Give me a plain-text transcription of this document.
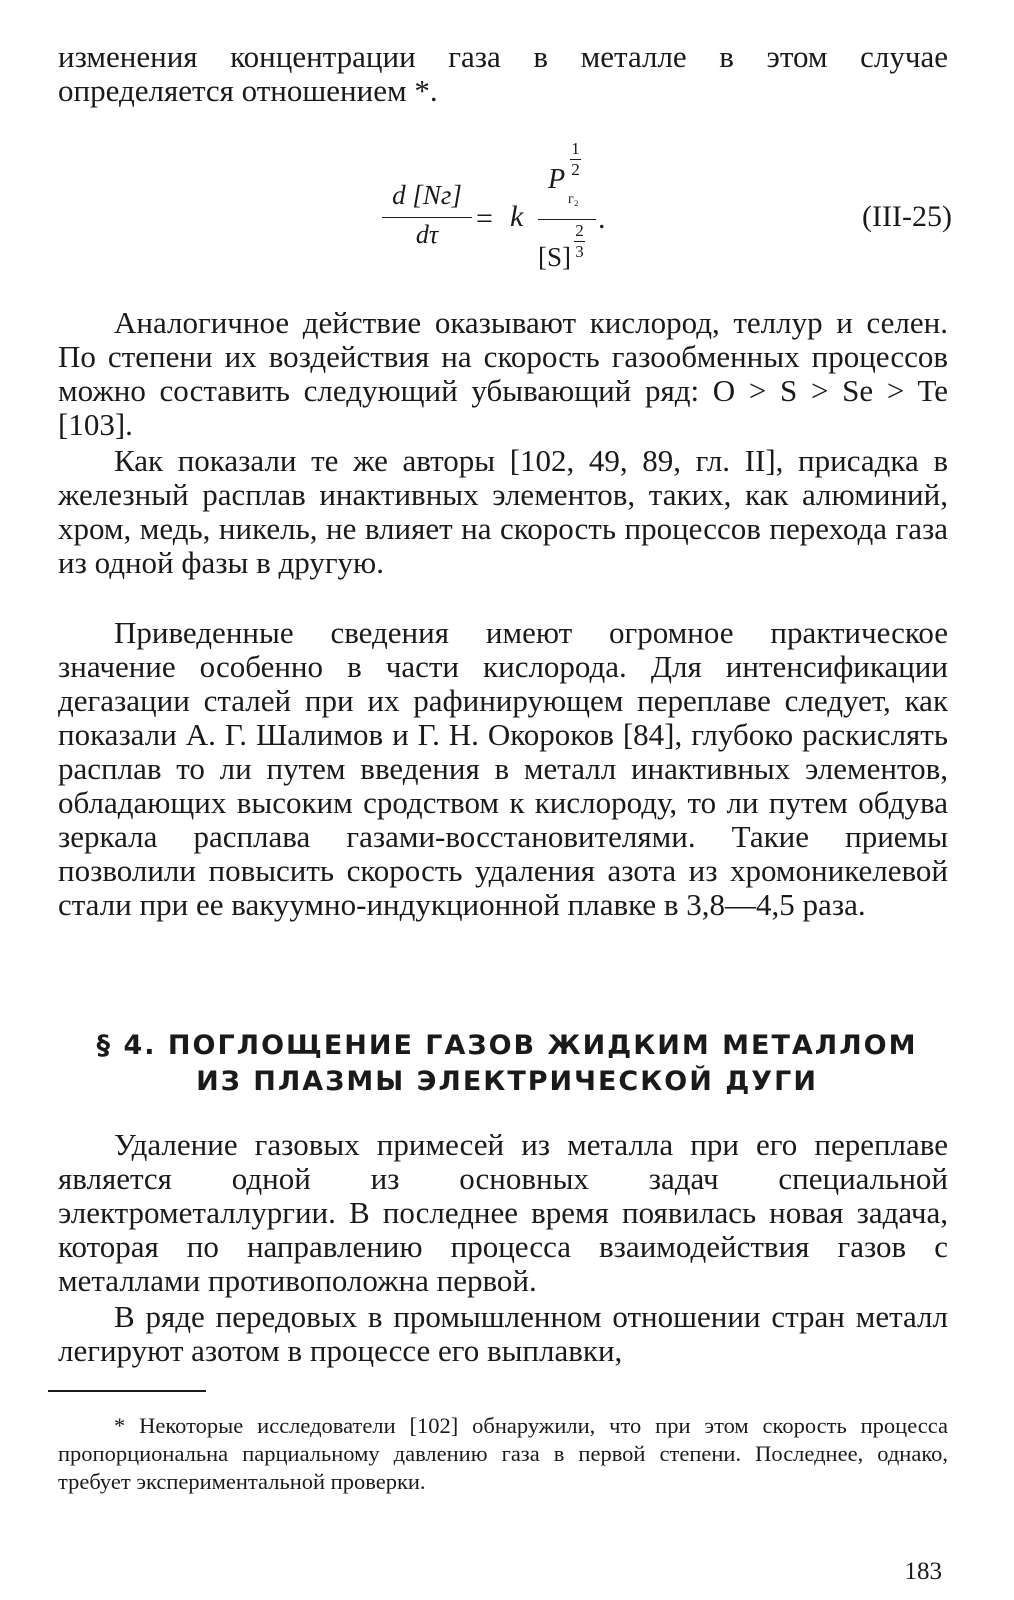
изменения концентрации газа в металле в этом случае определяется отношением *.

d [Nг]
dτ	= k
P
1
2
г₂
.
[S]
2
3
(III-25)

Аналогичное действие оказывают кислород, теллур и селен. По степени их воздействия на скорость газообменных процессов можно составить следующий убывающий ряд: O > S > Se > Te [103].

Как показали те же авторы [102, 49, 89, гл. II], присадка в железный расплав инактивных элементов, таких, как алюминий, хром, медь, никель, не влияет на скорость процессов перехода газа из одной фазы в другую.

Приведенные сведения имеют огромное практическое значение особенно в части кислорода. Для интенсификации дегазации сталей при их рафинирующем переплаве следует, как показали А. Г. Шалимов и Г. Н. Окороков [84], глубоко раскислять расплав то ли путем введения в металл инактивных элементов, обладающих высоким сродством к кислороду, то ли путем обдува зеркала расплава газами-восстановителями. Такие приемы позволили повысить скорость удаления азота из хромоникелевой стали при ее вакуумно-индукционной плавке в 3,8—4,5 раза.

§ 4. ПОГЛОЩЕНИЕ ГАЗОВ ЖИДКИМ МЕТАЛЛОМ
ИЗ ПЛАЗМЫ ЭЛЕКТРИЧЕСКОЙ ДУГИ

Удаление газовых примесей из металла при его переплаве является одной из основных задач специальной электрометаллургии. В последнее время появилась новая задача, которая по направлению процесса взаимодействия газов с металлами противоположна первой.

В ряде передовых в промышленном отношении стран металл легируют азотом в процессе его выплавки,

* Некоторые исследователи [102] обнаружили, что при этом скорость процесса пропорциональна парциальному давлению газа в первой степени. Последнее, однако, требует экспериментальной проверки.

183
